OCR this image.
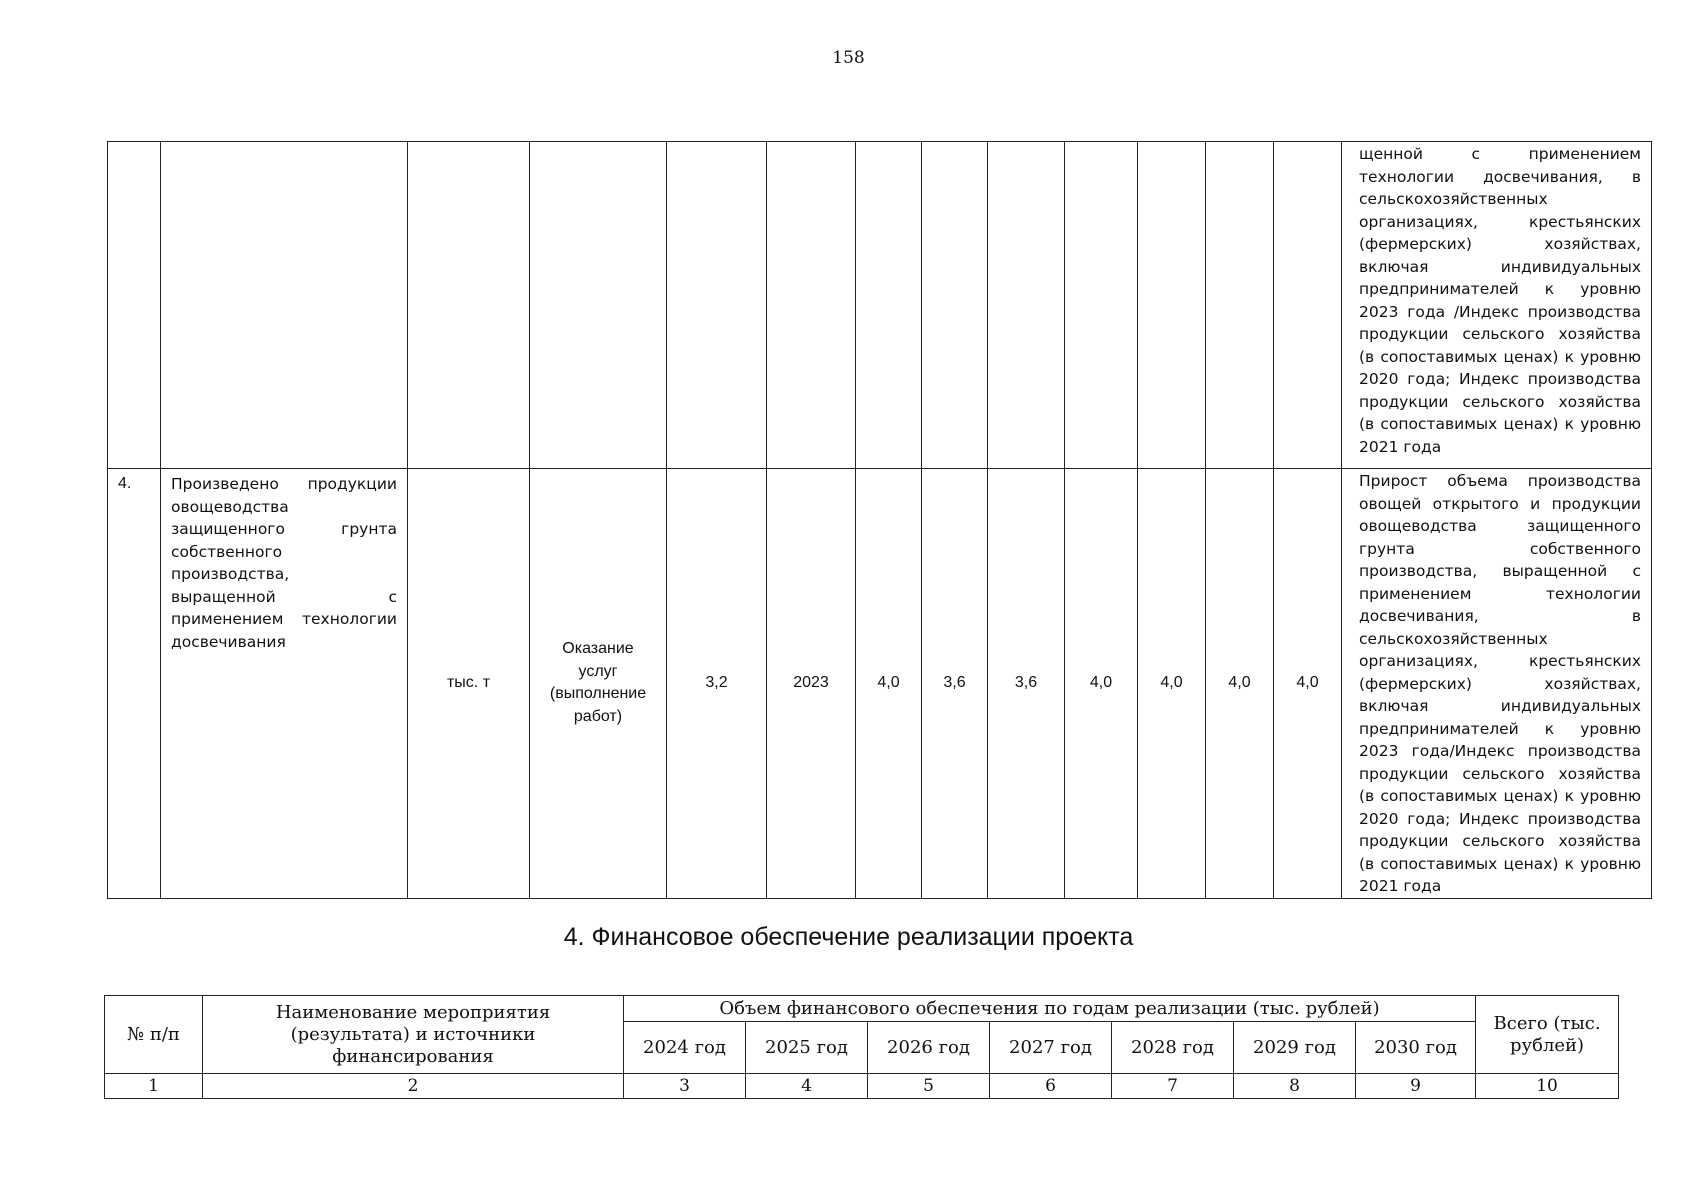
158
													щенной с применением технологии досвечивания, в сельскохозяйственных организациях, крестьянских (фермерских) хозяйствах, включая индивидуальных предпринимателей к уровню 2023 года /Индекс производства продукции сельского хозяйства (в сопоставимых ценах) к уровню 2020 года; Индекс производства продукции сельского хозяйства (в сопоставимых ценах) к уровню 2021 года
4.	Произведено продукции овощеводства защищенного грунта собственного производства, выращенной с применением технологии досвечивания	тыс. т	Оказание услуг (выполнение работ)	3,2	2023	4,0	3,6	3,6	4,0	4,0	4,0	4,0	Прирост объема производства овощей открытого и продукции овощеводства защищенного грунта собственного производства, выращенной с применением технологии досвечивания, в сельскохозяйственных организациях, крестьянских (фермерских) хозяйствах, включая индивидуальных предпринимателей к уровню 2023 года/Индекс производства продукции сельского хозяйства (в сопоставимых ценах) к уровню 2020 года; Индекс производства продукции сельского хозяйства (в сопоставимых ценах) к уровню 2021 года
4. Финансовое обеспечение реализации проекта
№ п/п	Наименование мероприятия (результата) и источники финансирования	Объем финансового обеспечения по годам реализации (тыс. рублей)							Всего (тыс. рублей)
		2024 год	2025 год	2026 год	2027 год	2028 год	2029 год	2030 год	
1	2	3	4	5	6	7	8	9	10
